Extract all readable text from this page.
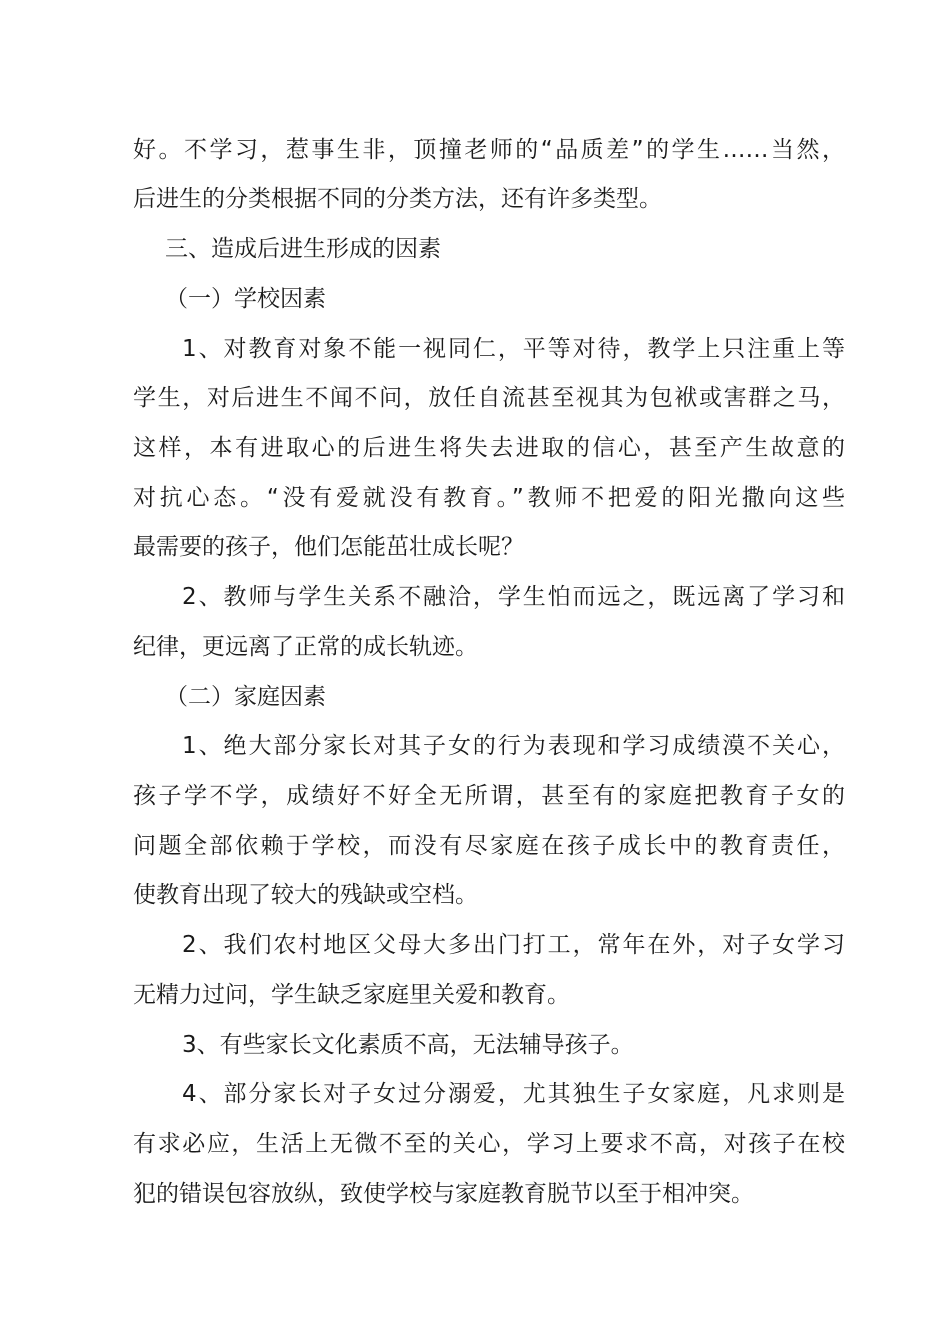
好。不学习，惹事生非，顶撞老师的“品质差”的学生……当然，
后进生的分类根据不同的分类方法，还有许多类型。
三、造成后进生形成的因素
（一）学校因素
1、对教育对象不能一视同仁，平等对待，教学上只注重上等
学生，对后进生不闻不问，放任自流甚至视其为包袱或害群之马，
这样，本有进取心的后进生将失去进取的信心，甚至产生故意的
对抗心态。“没有爱就没有教育。”教师不把爱的阳光撒向这些
最需要的孩子，他们怎能茁壮成长呢？
2、教师与学生关系不融洽，学生怕而远之，既远离了学习和
纪律，更远离了正常的成长轨迹。
（二）家庭因素
1、绝大部分家长对其子女的行为表现和学习成绩漠不关心，
孩子学不学，成绩好不好全无所谓，甚至有的家庭把教育子女的
问题全部依赖于学校，而没有尽家庭在孩子成长中的教育责任，
使教育出现了较大的残缺或空档。
2、我们农村地区父母大多出门打工，常年在外，对子女学习
无精力过问，学生缺乏家庭里关爱和教育。
3、有些家长文化素质不高，无法辅导孩子。
4、部分家长对子女过分溺爱，尤其独生子女家庭，凡求则是
有求必应，生活上无微不至的关心，学习上要求不高，对孩子在校
犯的错误包容放纵，致使学校与家庭教育脱节以至于相冲突。
